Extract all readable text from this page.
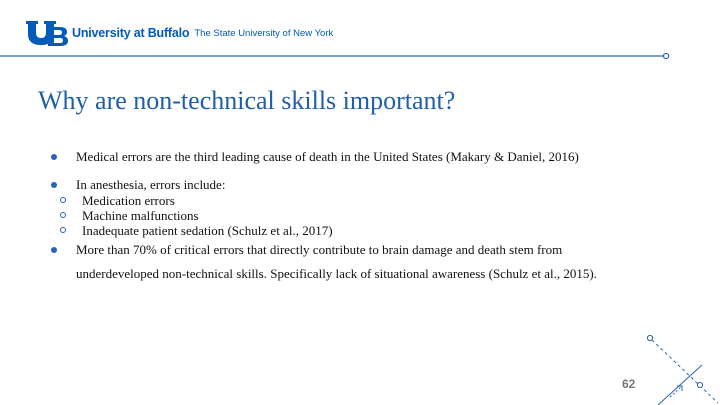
University at Buffalo The State University of New York
Why are non-technical skills important?
Medical errors are the third leading cause of death in the United States (Makary & Daniel, 2016)
In anesthesia, errors include:
Medication errors
Machine malfunctions
Inadequate patient sedation (Schulz et al., 2017)
More than 70% of critical errors that directly contribute to brain damage and death stem from underdeveloped non-technical skills. Specifically lack of situational awareness (Schulz et al., 2015).
62
